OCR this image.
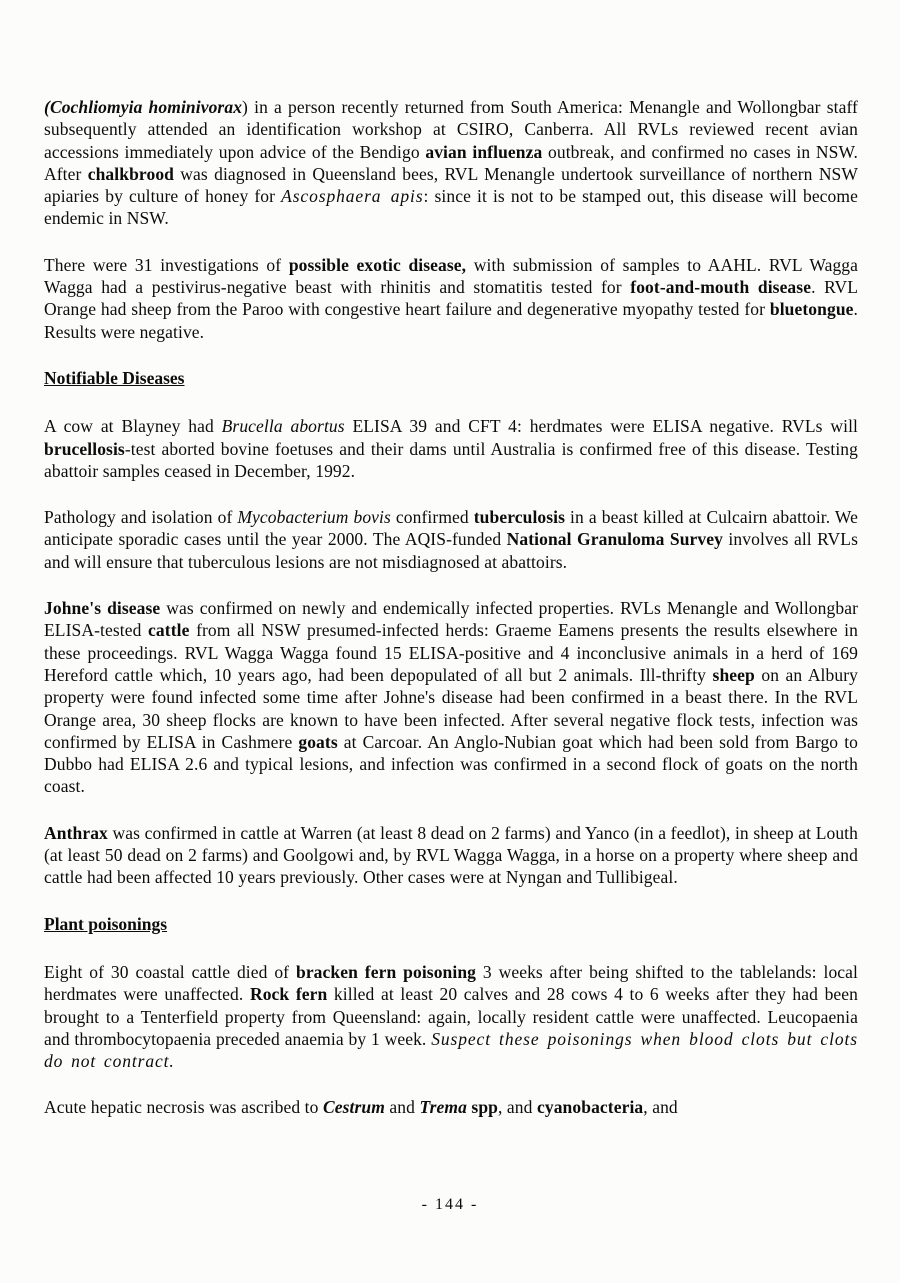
(Cochliomyia hominivorax) in a person recently returned from South America: Menangle and Wollongbar staff subsequently attended an identification workshop at CSIRO, Canberra. All RVLs reviewed recent avian accessions immediately upon advice of the Bendigo avian influenza outbreak, and confirmed no cases in NSW. After chalkbrood was diagnosed in Queensland bees, RVL Menangle undertook surveillance of northern NSW apiaries by culture of honey for Ascosphaera apis: since it is not to be stamped out, this disease will become endemic in NSW.

There were 31 investigations of possible exotic disease, with submission of samples to AAHL. RVL Wagga Wagga had a pestivirus-negative beast with rhinitis and stomatitis tested for foot-and-mouth disease. RVL Orange had sheep from the Paroo with congestive heart failure and degenerative myopathy tested for bluetongue. Results were negative.

Notifiable Diseases

A cow at Blayney had Brucella abortus ELISA 39 and CFT 4: herdmates were ELISA negative. RVLs will brucellosis-test aborted bovine foetuses and their dams until Australia is confirmed free of this disease. Testing abattoir samples ceased in December, 1992.

Pathology and isolation of Mycobacterium bovis confirmed tuberculosis in a beast killed at Culcairn abattoir. We anticipate sporadic cases until the year 2000. The AQIS-funded National Granuloma Survey involves all RVLs and will ensure that tuberculous lesions are not misdiagnosed at abattoirs.

Johne's disease was confirmed on newly and endemically infected properties. RVLs Menangle and Wollongbar ELISA-tested cattle from all NSW presumed-infected herds: Graeme Eamens presents the results elsewhere in these proceedings. RVL Wagga Wagga found 15 ELISA-positive and 4 inconclusive animals in a herd of 169 Hereford cattle which, 10 years ago, had been depopulated of all but 2 animals. Ill-thrifty sheep on an Albury property were found infected some time after Johne's disease had been confirmed in a beast there. In the RVL Orange area, 30 sheep flocks are known to have been infected. After several negative flock tests, infection was confirmed by ELISA in Cashmere goats at Carcoar. An Anglo-Nubian goat which had been sold from Bargo to Dubbo had ELISA 2.6 and typical lesions, and infection was confirmed in a second flock of goats on the north coast.

Anthrax was confirmed in cattle at Warren (at least 8 dead on 2 farms) and Yanco (in a feedlot), in sheep at Louth (at least 50 dead on 2 farms) and Goolgowi and, by RVL Wagga Wagga, in a horse on a property where sheep and cattle had been affected 10 years previously. Other cases were at Nyngan and Tullibigeal.

Plant poisonings

Eight of 30 coastal cattle died of bracken fern poisoning 3 weeks after being shifted to the tablelands: local herdmates were unaffected. Rock fern killed at least 20 calves and 28 cows 4 to 6 weeks after they had been brought to a Tenterfield property from Queensland: again, locally resident cattle were unaffected. Leucopaenia and thrombocytopaenia preceded anaemia by 1 week. Suspect these poisonings when blood clots but clots do not contract.

Acute hepatic necrosis was ascribed to Cestrum and Trema spp, and cyanobacteria, and

- 144 -
